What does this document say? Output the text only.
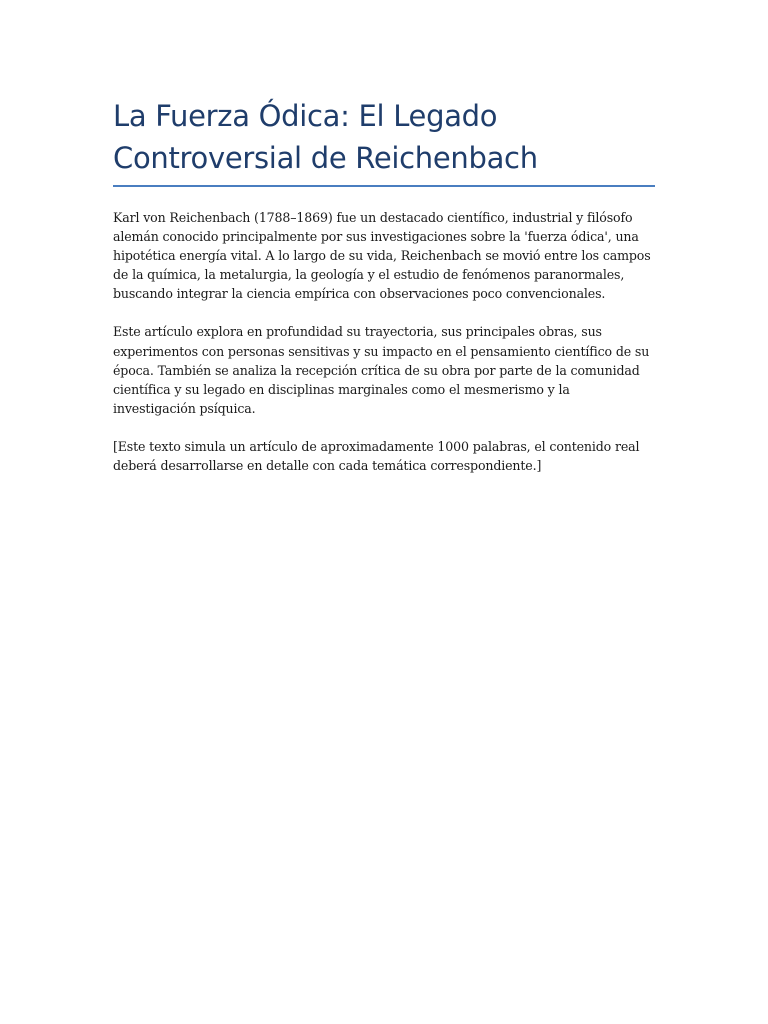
La Fuerza Ódica: El Legado Controversial de Reichenbach

Karl von Reichenbach (1788–1869) fue un destacado científico, industrial y filósofo alemán conocido principalmente por sus investigaciones sobre la 'fuerza ódica', una hipotética energía vital. A lo largo de su vida, Reichenbach se movió entre los campos de la química, la metalurgia, la geología y el estudio de fenómenos paranormales, buscando integrar la ciencia empírica con observaciones poco convencionales.

Este artículo explora en profundidad su trayectoria, sus principales obras, sus experimentos con personas sensitivas y su impacto en el pensamiento científico de su época. También se analiza la recepción crítica de su obra por parte de la comunidad científica y su legado en disciplinas marginales como el mesmerismo y la investigación psíquica.

[Este texto simula un artículo de aproximadamente 1000 palabras, el contenido real deberá desarrollarse en detalle con cada temática correspondiente.]
